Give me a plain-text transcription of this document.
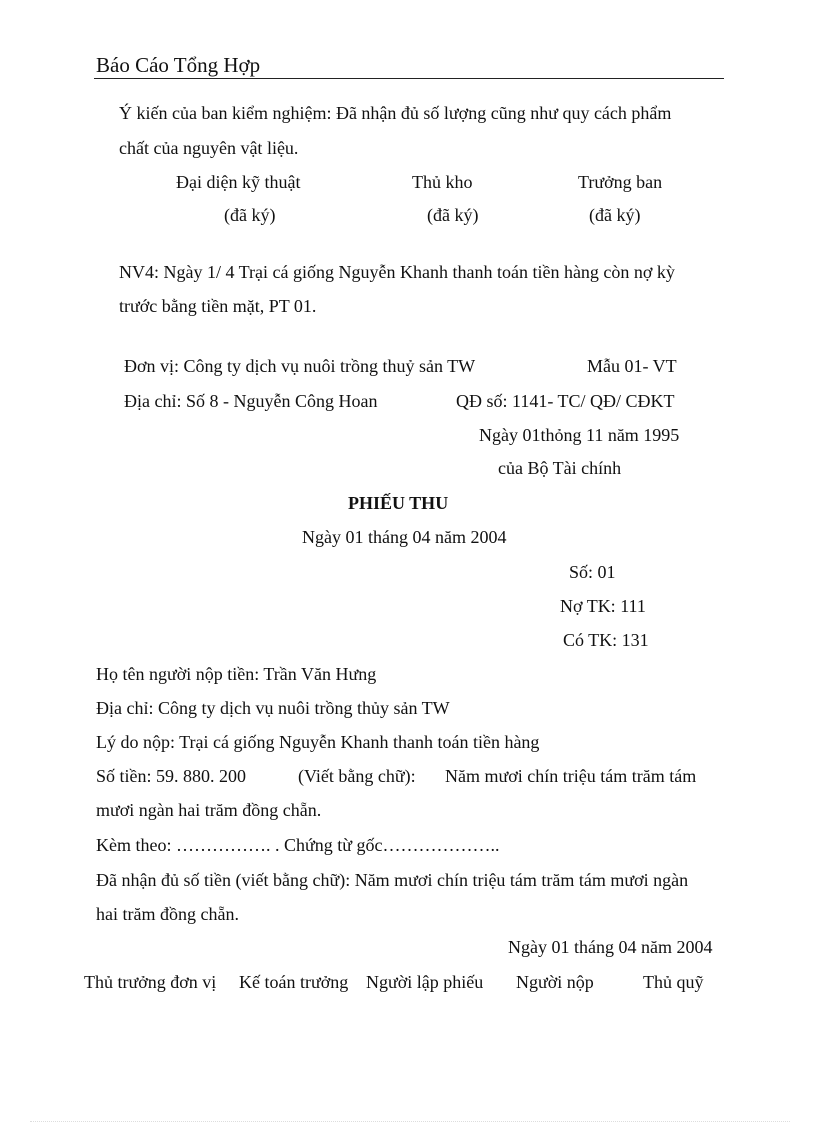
Báo Cáo Tổng Hợp
Ý kiến của ban kiểm nghiệm: Đã nhận đủ số lượng cũng như quy cách phẩm
chất của nguyên vật liệu.
Đại diện kỹ thuật	Thủ kho	Trưởng ban
(đã ký)	(đã ký)	(đã ký)
NV4: Ngày 1/ 4 Trại cá giống Nguyễn Khanh thanh toán tiền hàng còn nợ kỳ
trước bằng tiền mặt, PT 01.
Đơn vị: Công ty dịch vụ nuôi trồng thuỷ sản TW	Mẫu 01- VT
Địa chỉ: Số 8 - Nguyễn Công Hoan	QĐ số: 1141- TC/ QĐ/ CĐKT
Ngày 01thỏng 11 năm 1995
của Bộ Tài chính
PHIẾU THU
Ngày 01 tháng 04 năm 2004
Số: 01
Nợ TK: 111
Có TK: 131
Họ tên người nộp tiền: Trần Văn Hưng
Địa chỉ: Công ty dịch vụ nuôi trồng thủy sản TW
Lý do nộp: Trại cá giống Nguyễn Khanh thanh toán tiền hàng
Số tiền: 59. 880. 200	(Viết bằng chữ): Năm mươi chín triệu tám trăm tám
mươi ngàn hai trăm đồng chẵn.
Kèm theo: ……………. . Chứng từ gốc………………..
Đã nhận đủ số tiền (viết bằng chữ): Năm mươi chín triệu tám trăm tám mươi ngàn
hai trăm đồng chẵn.
Ngày 01 tháng 04 năm 2004
Thủ trưởng đơn vị Kế toán trưởng Người lập phiếu Người nộp	Thủ quỹ
